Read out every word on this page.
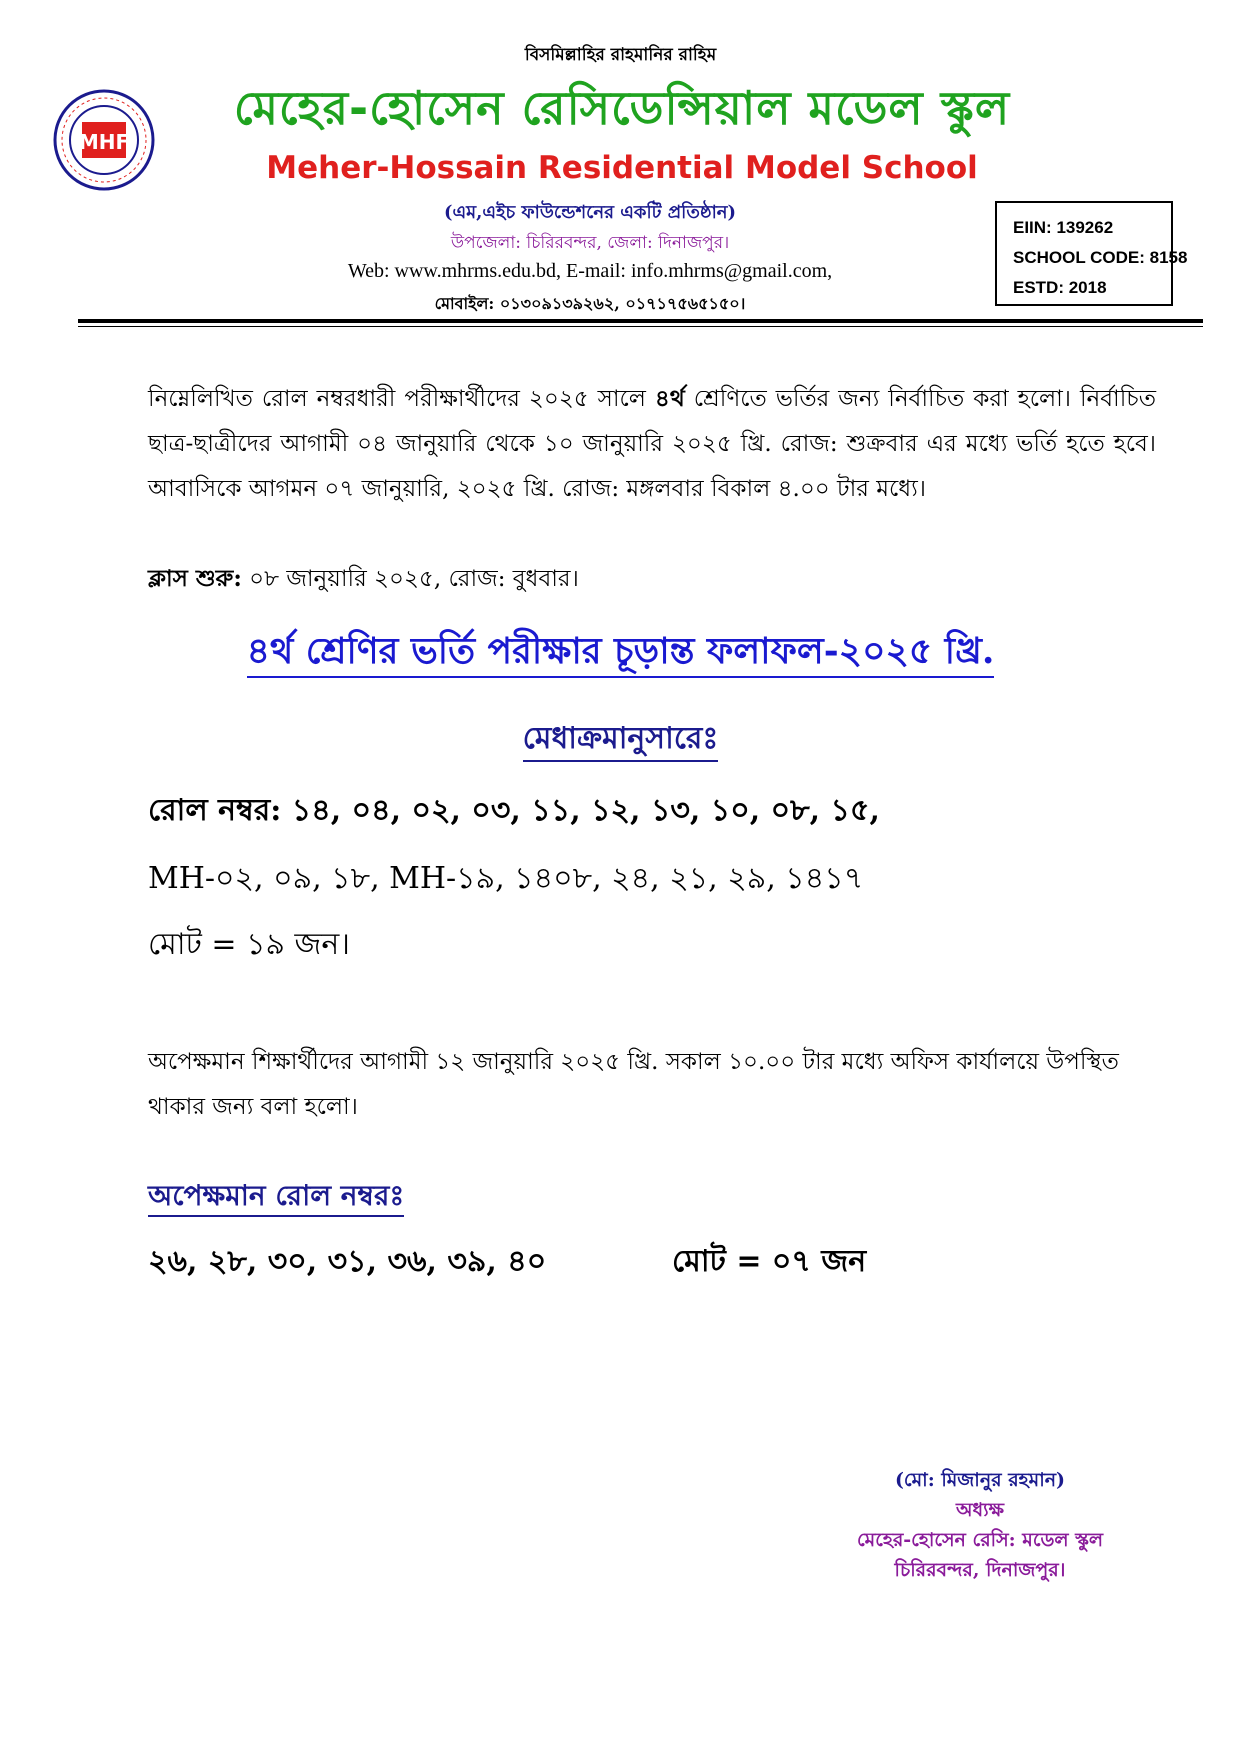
বিসমিল্লাহির রাহমানির রাহিম
MHF
মেহের-হোসেন রেসিডেন্সিয়াল মডেল স্কুল
Meher-Hossain Residential Model School
(এম,এইচ ফাউন্ডেশনের একটি প্রতিষ্ঠান)
উপজেলা: চিরিরবন্দর, জেলা: দিনাজপুর।
Web: www.mhrms.edu.bd, E-mail: info.mhrms@gmail.com,
মোবাইল: ০১৩০৯১৩৯২৬২, ০১৭১৭৫৬৫১৫০।
EIIN: 139262
SCHOOL CODE: 8158
ESTD: 2018
নিম্নেলিখিত রোল নম্বরধারী পরীক্ষার্থীদের ২০২৫ সালে ৪র্থ শ্রেণিতে ভর্তির জন্য নির্বাচিত করা হলো। নির্বাচিত ছাত্র-ছাত্রীদের আগামী ০৪ জানুয়ারি থেকে ১০ জানুয়ারি ২০২৫ খ্রি. রোজ: শুক্রবার এর মধ্যে ভর্তি হতে হবে। আবাসিকে আগমন ০৭ জানুয়ারি, ২০২৫ খ্রি. রোজ: মঙ্গলবার বিকাল ৪.০০ টার মধ্যে।
ক্লাস শুরু: ০৮ জানুয়ারি ২০২৫, রোজ: বুধবার।
৪র্থ শ্রেণির ভর্তি পরীক্ষার চূড়ান্ত ফলাফল-২০২৫ খ্রি.
মেধাক্রমানুসারেঃ
রোল নম্বর: ১৪, ০৪, ০২, ০৩, ১১, ১২, ১৩, ১০, ০৮, ১৫,
MH-০২, ০৯, ১৮, MH-১৯, ১৪০৮, ২৪, ২১, ২৯, ১৪১৭
মোট = ১৯ জন।
অপেক্ষমান শিক্ষার্থীদের আগামী ১২ জানুয়ারি ২০২৫ খ্রি. সকাল ১০.০০ টার মধ্যে অফিস কার্যালয়ে উপস্থিত থাকার জন্য বলা হলো।
অপেক্ষমান রোল নম্বরঃ
২৬, ২৮, ৩০, ৩১, ৩৬, ৩৯, ৪০	মোট = ০৭ জন
(মো: মিজানুর রহমান)
অধ্যক্ষ
মেহের-হোসেন রেসি: মডেল স্কুল
চিরিরবন্দর, দিনাজপুর।
